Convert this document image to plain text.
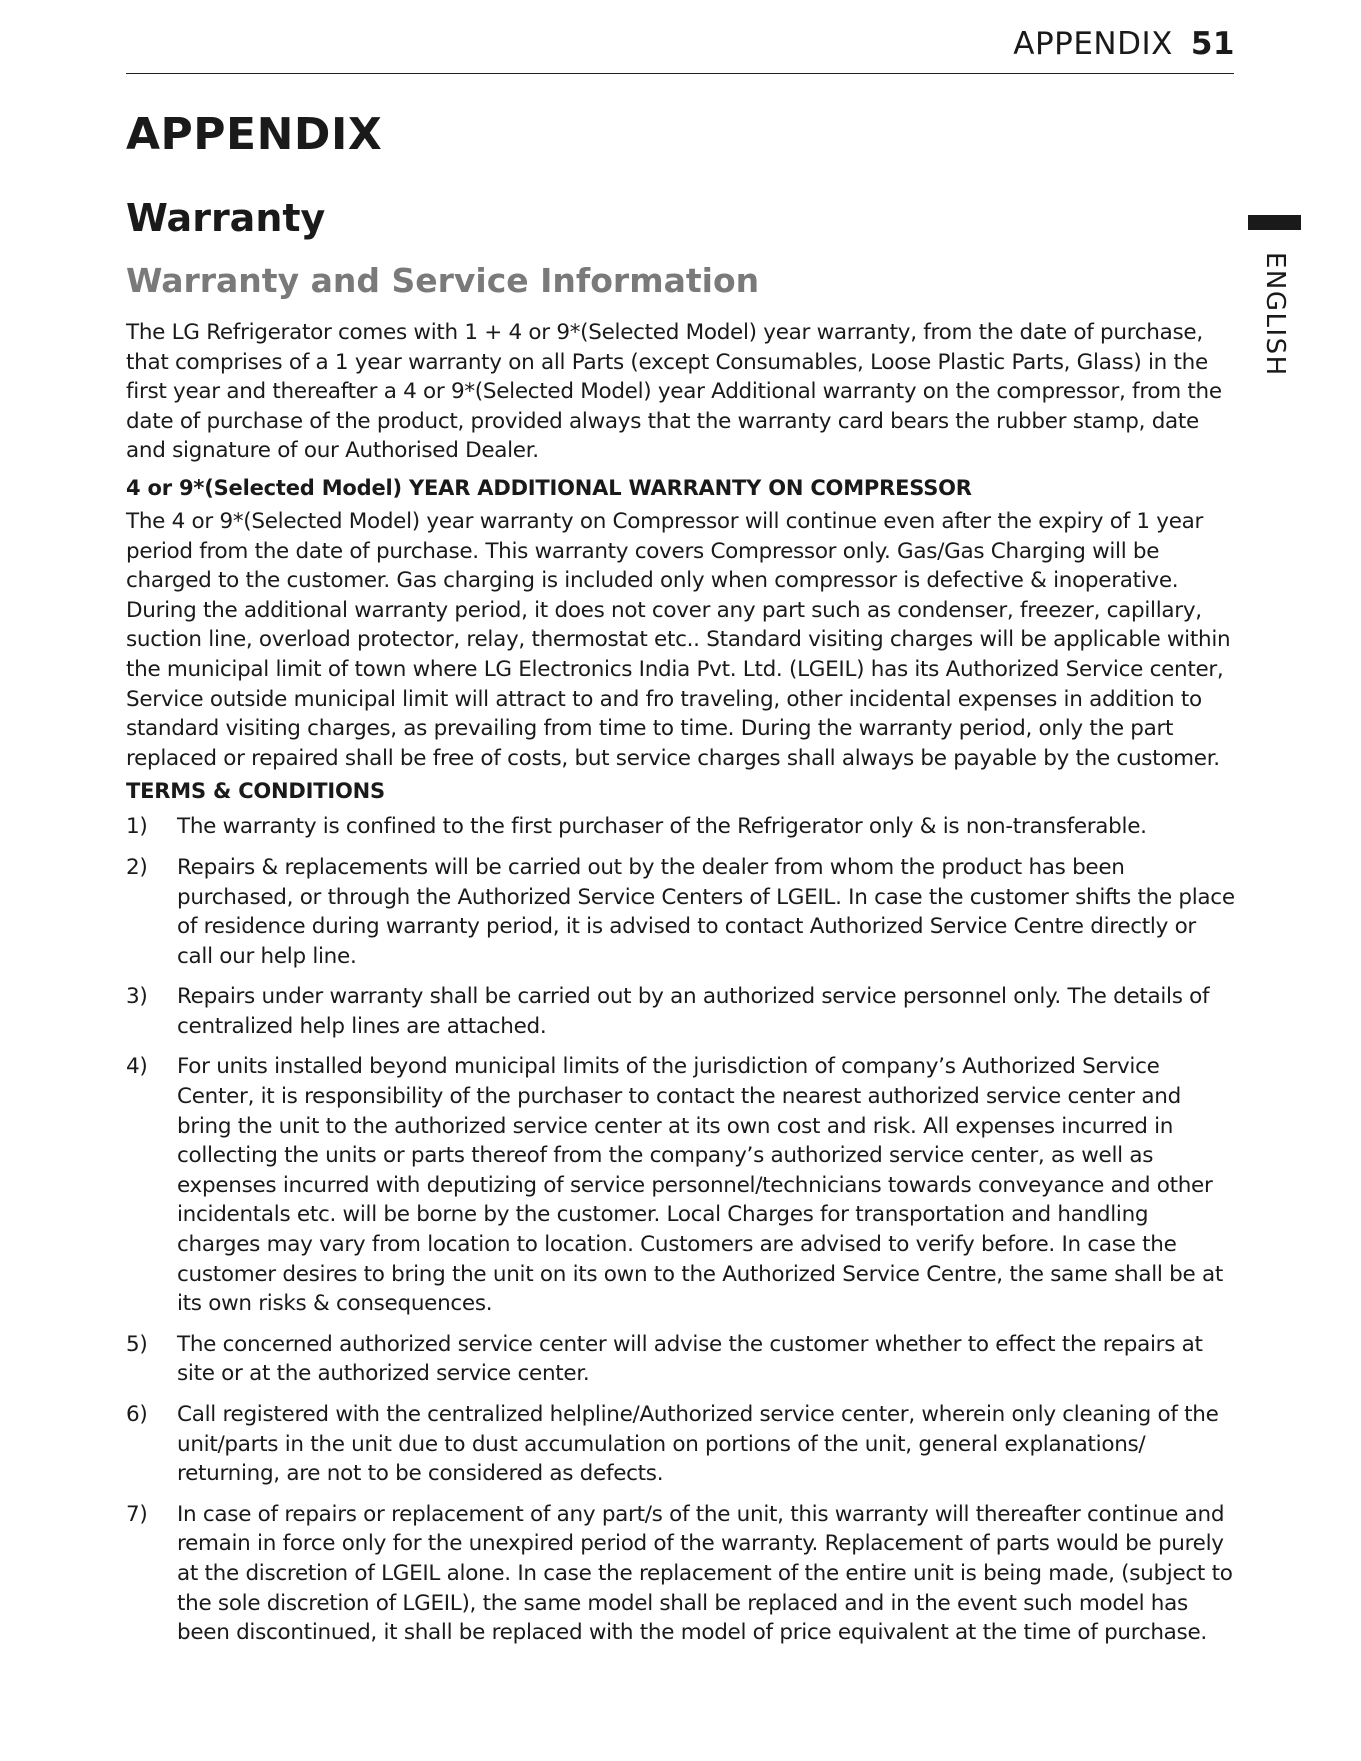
APPENDIX 51
ENGLISH
APPENDIX
Warranty
Warranty and Service Information

The LG Refrigerator comes with 1 + 4 or 9*(Selected Model) year warranty, from the date of purchase, that comprises of a 1 year warranty on all Parts (except Consumables, Loose Plastic Parts, Glass) in the first year and thereafter a 4 or 9*(Selected Model) year Additional warranty on the compressor, from the date of purchase of the product, provided always that the warranty card bears the rubber stamp, date and signature of our Authorised Dealer.

4 or 9*(Selected Model) YEAR ADDITIONAL WARRANTY ON COMPRESSOR

The 4 or 9*(Selected Model) year warranty on Compressor will continue even after the expiry of 1 year period from the date of purchase. This warranty covers Compressor only. Gas/Gas Charging will be charged to the customer. Gas charging is included only when compressor is defective & inoperative. During the additional warranty period, it does not cover any part such as condenser, freezer, capillary, suction line, overload protector, relay, thermostat etc.. Standard visiting charges will be applicable within the municipal limit of town where LG Electronics India Pvt. Ltd. (LGEIL) has its Authorized Service center, Service outside municipal limit will attract to and fro traveling, other incidental expenses in addition to standard visiting charges, as prevailing from time to time. During the warranty period, only the part replaced or repaired shall be free of costs, but service charges shall always be payable by the customer.

TERMS & CONDITIONS

1) The warranty is confined to the first purchaser of the Refrigerator only & is non-transferable.
2) Repairs & replacements will be carried out by the dealer from whom the product has been purchased, or through the Authorized Service Centers of LGEIL. In case the customer shifts the place of residence during warranty period, it is advised to contact Authorized Service Centre directly or call our help line.
3) Repairs under warranty shall be carried out by an authorized service personnel only. The details of centralized help lines are attached.
4) For units installed beyond municipal limits of the jurisdiction of company’s Authorized Service Center, it is responsibility of the purchaser to contact the nearest authorized service center and bring the unit to the authorized service center at its own cost and risk. All expenses incurred in collecting the units or parts thereof from the company’s authorized service center, as well as expenses incurred with deputizing of service personnel/technicians towards conveyance and other incidentals etc. will be borne by the customer. Local Charges for transportation and handling charges may vary from location to location. Customers are advised to verify before. In case the customer desires to bring the unit on its own to the Authorized Service Centre, the same shall be at its own risks & consequences.
5) The concerned authorized service center will advise the customer whether to effect the repairs at site or at the authorized service center.
6) Call registered with the centralized helpline/Authorized service center, wherein only cleaning of the unit/parts in the unit due to dust accumulation on portions of the unit, general explanations/ returning, are not to be considered as defects.
7) In case of repairs or replacement of any part/s of the unit, this warranty will thereafter continue and remain in force only for the unexpired period of the warranty. Replacement of parts would be purely at the discretion of LGEIL alone. In case the replacement of the entire unit is being made, (subject to the sole discretion of LGEIL), the same model shall be replaced and in the event such model has been discontinued, it shall be replaced with the model of price equivalent at the time of purchase.
